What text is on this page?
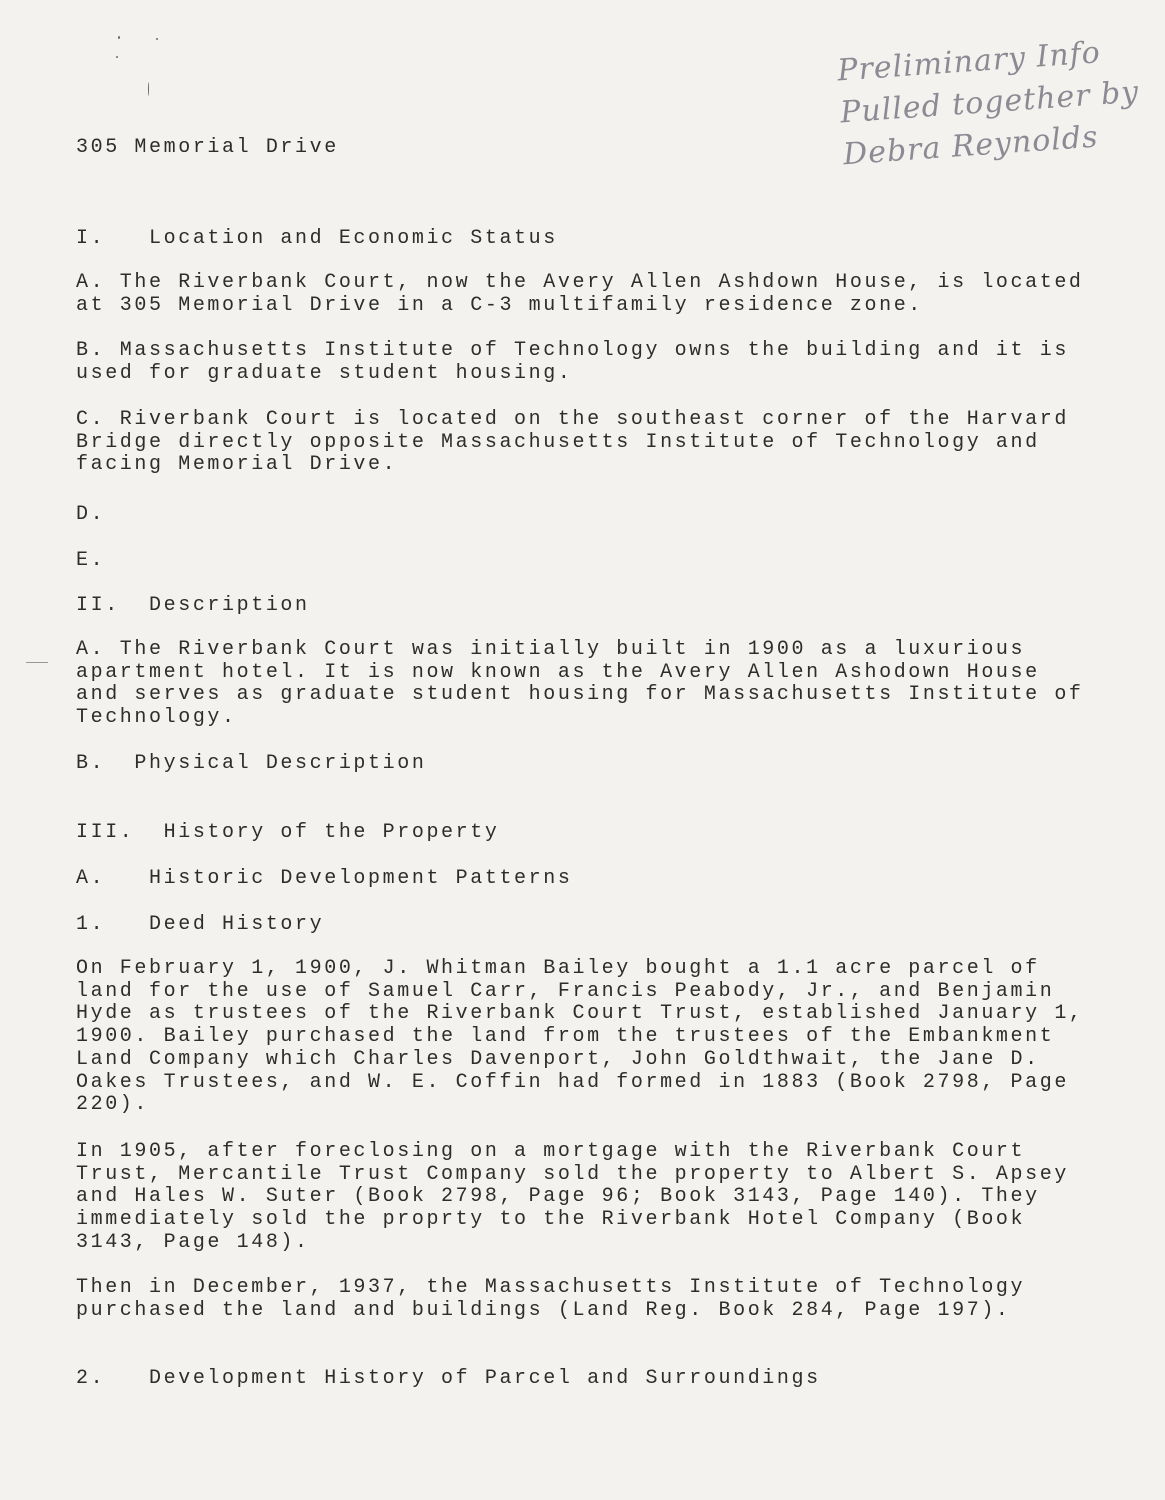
Preliminary Info
Pulled together by
Debra Reynolds
305 Memorial Drive
I.   Location and Economic Status
A. The Riverbank Court, now the Avery Allen Ashdown House, is located
at 305 Memorial Drive in a C-3 multifamily residence zone.
B. Massachusetts Institute of Technology owns the building and it is
used for graduate student housing.
C. Riverbank Court is located on the southeast corner of the Harvard
Bridge directly opposite Massachusetts Institute of Technology and
facing Memorial Drive.
D.
E.
II.  Description
A. The Riverbank Court was initially built in 1900 as a luxurious
apartment hotel. It is now known as the Avery Allen Ashodown House
and serves as graduate student housing for Massachusetts Institute of
Technology.
B.  Physical Description
III.  History of the Property
A.   Historic Development Patterns
1.   Deed History
On February 1, 1900, J. Whitman Bailey bought a 1.1 acre parcel of
land for the use of Samuel Carr, Francis Peabody, Jr., and Benjamin
Hyde as trustees of the Riverbank Court Trust, established January 1,
1900. Bailey purchased the land from the trustees of the Embankment
Land Company which Charles Davenport, John Goldthwait, the Jane D.
Oakes Trustees, and W. E. Coffin had formed in 1883 (Book 2798, Page
220).
In 1905, after foreclosing on a mortgage with the Riverbank Court
Trust, Mercantile Trust Company sold the property to Albert S. Apsey
and Hales W. Suter (Book 2798, Page 96; Book 3143, Page 140). They
immediately sold the proprty to the Riverbank Hotel Company (Book
3143, Page 148).
Then in December, 1937, the Massachusetts Institute of Technology
purchased the land and buildings (Land Reg. Book 284, Page 197).
2.   Development History of Parcel and Surroundings
